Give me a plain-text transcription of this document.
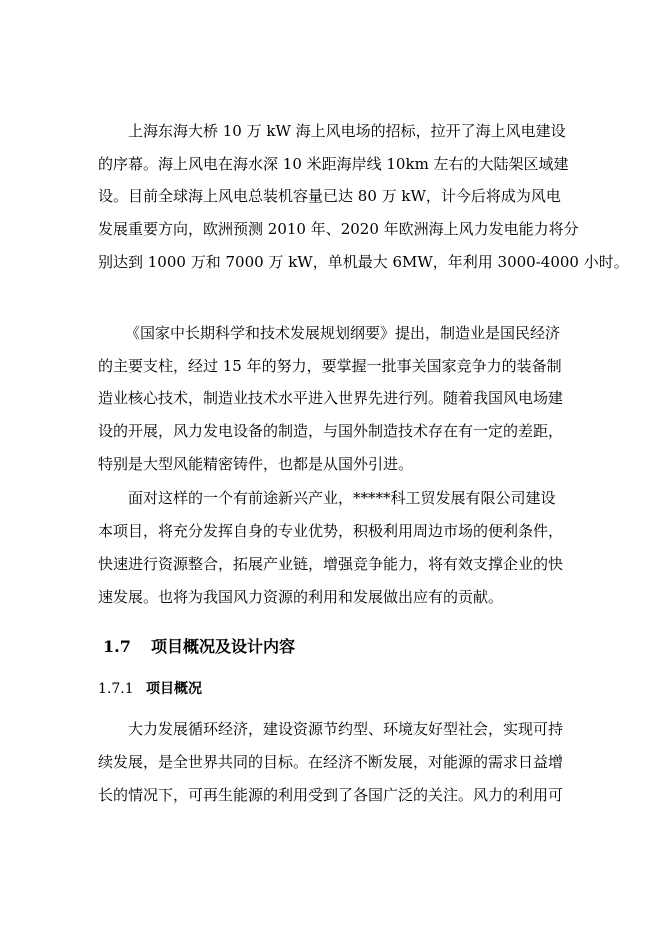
上海东海大桥 10 万 kW 海上风电场的招标，拉开了海上风电建设

的序幕。海上风电在海水深 10 米距海岸线 10km 左右的大陆架区域建

设。目前全球海上风电总装机容量已达 80 万 kW，计今后将成为风电

发展重要方向，欧洲预测 2010 年、2020 年欧洲海上风力发电能力将分

别达到 1000 万和 7000 万 kW，单机最大 6MW，年利用 3000-4000 小时。

《国家中长期科学和技术发展规划纲要》提出，制造业是国民经济

的主要支柱，经过 15 年的努力，要掌握一批事关国家竞争力的装备制

造业核心技术，制造业技术水平进入世界先进行列。随着我国风电场建

设的开展，风力发电设备的制造，与国外制造技术存在有一定的差距，

特别是大型风能精密铸件，也都是从国外引进。

面对这样的一个有前途新兴产业，*****科工贸发展有限公司建设

本项目，将充分发挥自身的专业优势，积极利用周边市场的便利条件，

快速进行资源整合，拓展产业链，增强竞争能力，将有效支撑企业的快

速发展。也将为我国风力资源的利用和发展做出应有的贡献。

1.7 项目概况及设计内容
1.7.1 项目概况

大力发展循环经济，建设资源节约型、环境友好型社会，实现可持

续发展，是全世界共同的目标。在经济不断发展，对能源的需求日益增

长的情况下，可再生能源的利用受到了各国广泛的关注。风力的利用可
